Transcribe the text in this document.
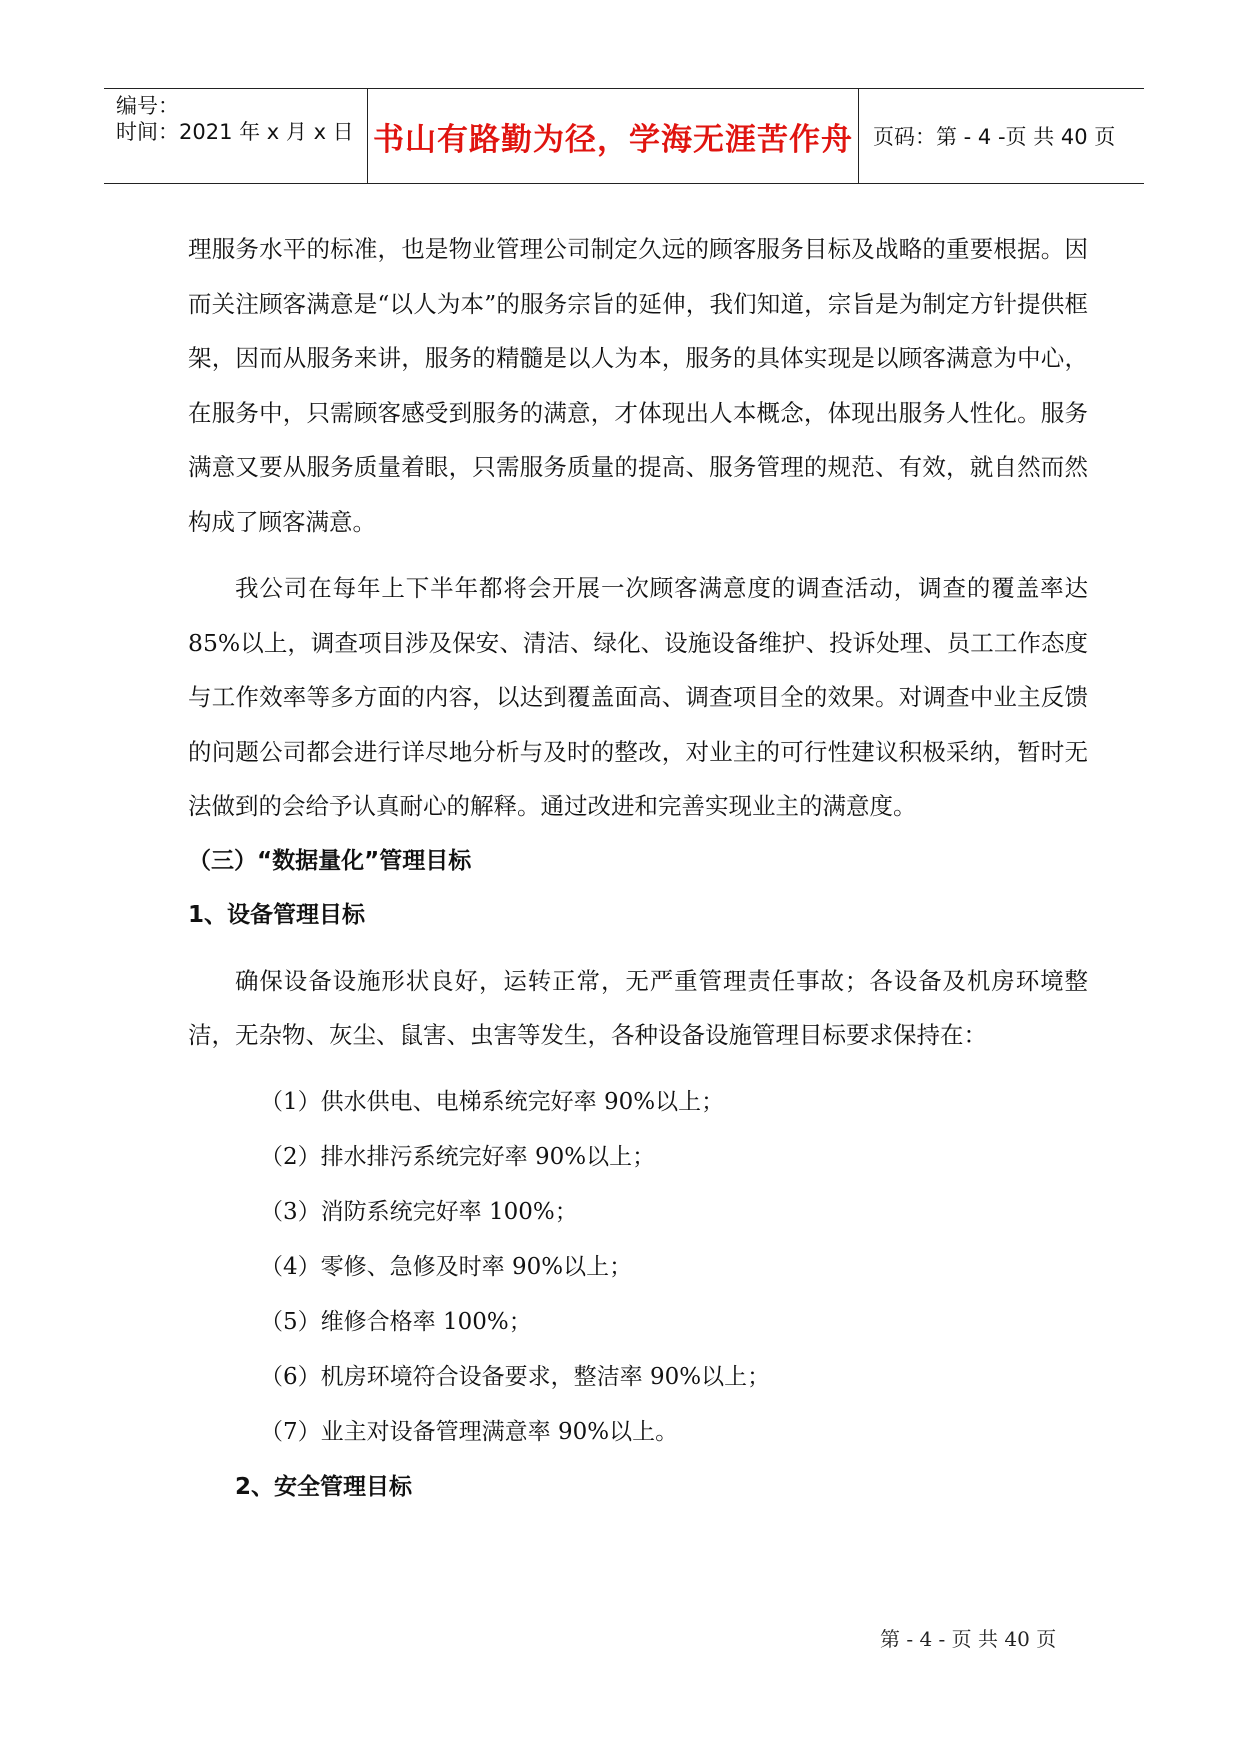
编号：
时间：2021 年 x 月 x 日 书山有路勤为径，学海无涯苦作舟 页码：第 - 4 -页 共 40 页

理服务水平的标准，也是物业管理公司制定久远的顾客服务目标及战略的重要根据。因而关注顾客满意是“以人为本”的服务宗旨的延伸，我们知道，宗旨是为制定方针提供框架，因而从服务来讲，服务的精髓是以人为本，服务的具体实现是以顾客满意为中心，在服务中，只需顾客感受到服务的满意，才体现出人本概念，体现出服务人性化。服务满意又要从服务质量着眼，只需服务质量的提高、服务管理的规范、有效，就自然而然构成了顾客满意。

我公司在每年上下半年都将会开展一次顾客满意度的调查活动，调查的覆盖率达 85%以上，调查项目涉及保安、清洁、绿化、设施设备维护、投诉处理、员工工作态度与工作效率等多方面的内容，以达到覆盖面高、调查项目全的效果。对调查中业主反馈的问题公司都会进行详尽地分析与及时的整改，对业主的可行性建议积极采纳，暂时无法做到的会给予认真耐心的解释。通过改进和完善实现业主的满意度。

（三）“数据量化”管理目标

1、设备管理目标

确保设备设施形状良好，运转正常，无严重管理责任事故；各设备及机房环境整洁，无杂物、灰尘、鼠害、虫害等发生，各种设备设施管理目标要求保持在：

（1）供水供电、电梯系统完好率 90%以上；

（2）排水排污系统完好率 90%以上；

（3）消防系统完好率 100%；

（4）零修、急修及时率 90%以上；

（5）维修合格率 100%；

（6）机房环境符合设备要求，整洁率 90%以上；

（7）业主对设备管理满意率 90%以上。

2、安全管理目标

第 - 4 - 页 共 40 页
